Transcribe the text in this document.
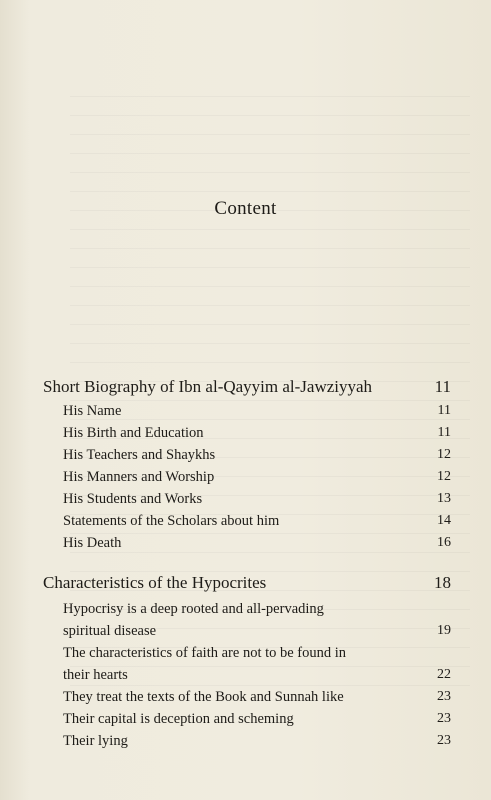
Content
Short Biography of Ibn al-Qayyim al-Jawziyyah	11
His Name	11
His Birth and Education	11
His Teachers and Shaykhs	12
His Manners and Worship	12
His Students and Works	13
Statements of the Scholars about him	14
His Death	16
Characteristics of the Hypocrites	18
Hypocrisy is a deep rooted and all-pervading
spiritual disease	19
The characteristics of faith are not to be found in
their hearts	22
They treat the texts of the Book and Sunnah like	23
Their capital is deception and scheming	23
Their lying	23
